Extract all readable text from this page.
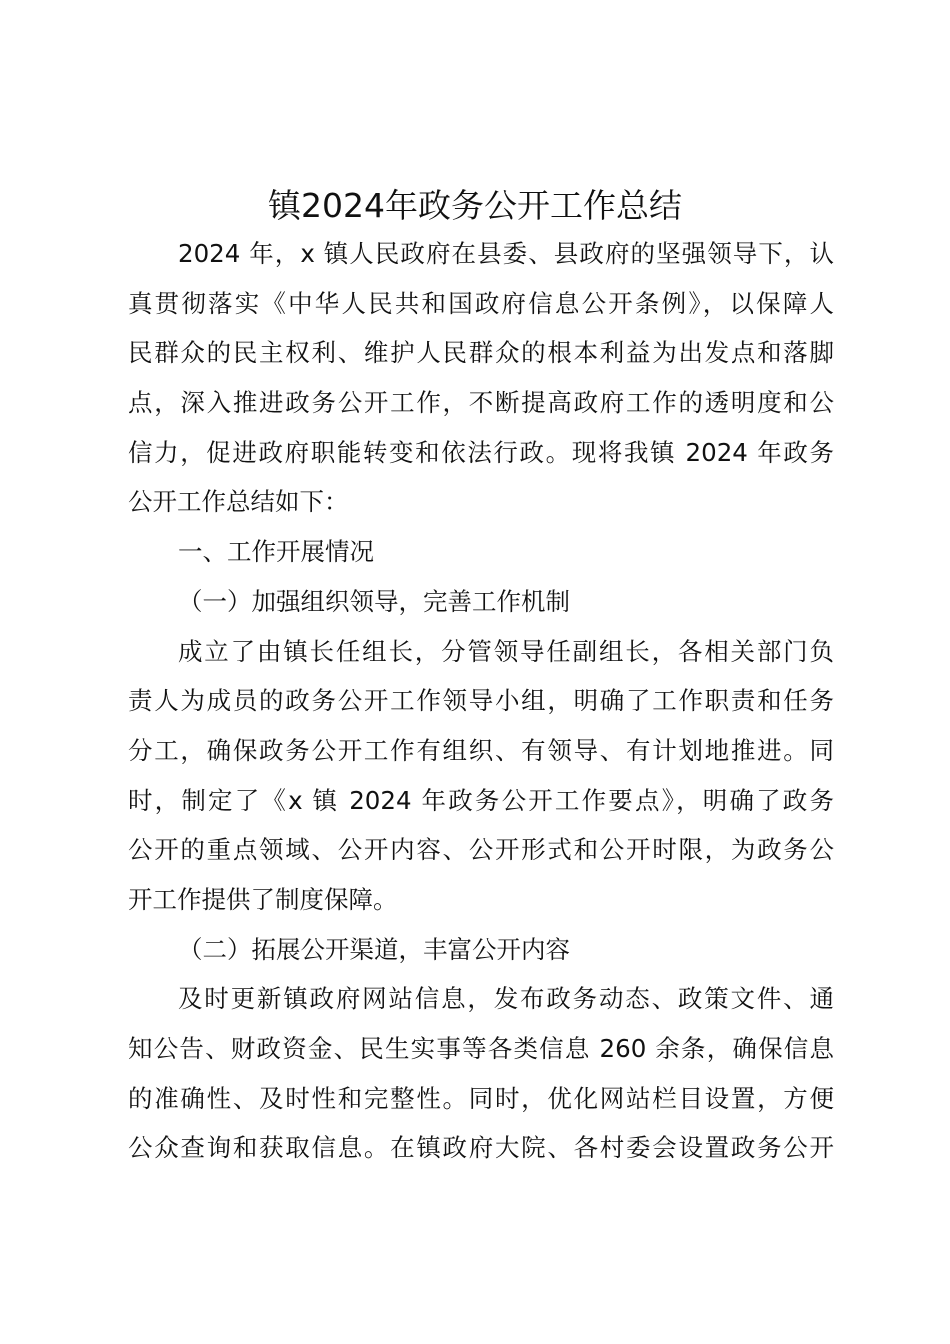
镇2024年政务公开工作总结
2024 年，x 镇人民政府在县委、县政府的坚强领导下，认
真贯彻落实《中华人民共和国政府信息公开条例》，以保障人
民群众的民主权利、维护人民群众的根本利益为出发点和落脚
点，深入推进政务公开工作，不断提高政府工作的透明度和公
信力，促进政府职能转变和依法行政。现将我镇 2024 年政务
公开工作总结如下：
一、工作开展情况
（一）加强组织领导，完善工作机制
成立了由镇长任组长，分管领导任副组长，各相关部门负
责人为成员的政务公开工作领导小组，明确了工作职责和任务
分工，确保政务公开工作有组织、有领导、有计划地推进。同
时，制定了《x 镇 2024 年政务公开工作要点》，明确了政务
公开的重点领域、公开内容、公开形式和公开时限，为政务公
开工作提供了制度保障。
（二）拓展公开渠道，丰富公开内容
及时更新镇政府网站信息，发布政务动态、政策文件、通
知公告、财政资金、民生实事等各类信息 260 余条，确保信息
的准确性、及时性和完整性。同时，优化网站栏目设置，方便
公众查询和获取信息。在镇政府大院、各村委会设置政务公开
